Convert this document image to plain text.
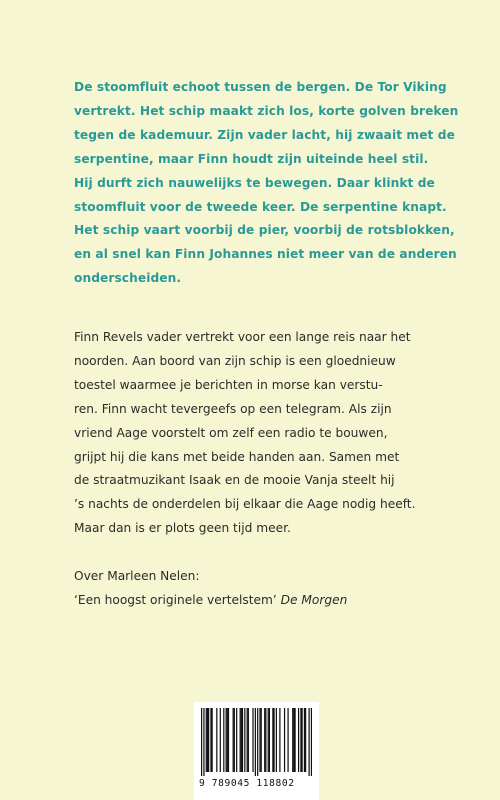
De stoomfluit echoot tussen de bergen. De Tor Viking
vertrekt. Het schip maakt zich los, korte golven breken
tegen de kademuur. Zijn vader lacht, hij zwaait met de
serpentine, maar Finn houdt zijn uiteinde heel stil.
Hij durft zich nauwelijks te bewegen. Daar klinkt de
stoomfluit voor de tweede keer. De serpentine knapt.
Het schip vaart voorbij de pier, voorbij de rotsblokken,
en al snel kan Finn Johannes niet meer van de anderen
onderscheiden.

Finn Revels vader vertrekt voor een lange reis naar het
noorden. Aan boord van zijn schip is een gloednieuw
toestel waarmee je berichten in morse kan verstu-
ren. Finn wacht tevergeefs op een telegram. Als zijn
vriend Aage voorstelt om zelf een radio te bouwen,
grijpt hij die kans met beide handen aan. Samen met
de straatmuzikant Isaak en de mooie Vanja steelt hij
’s nachts de onderdelen bij elkaar die Aage nodig heeft.
Maar dan is er plots geen tijd meer.

Over Marleen Nelen:
‘Een hoogst originele vertelstem’ De Morgen
9 789045 118802
